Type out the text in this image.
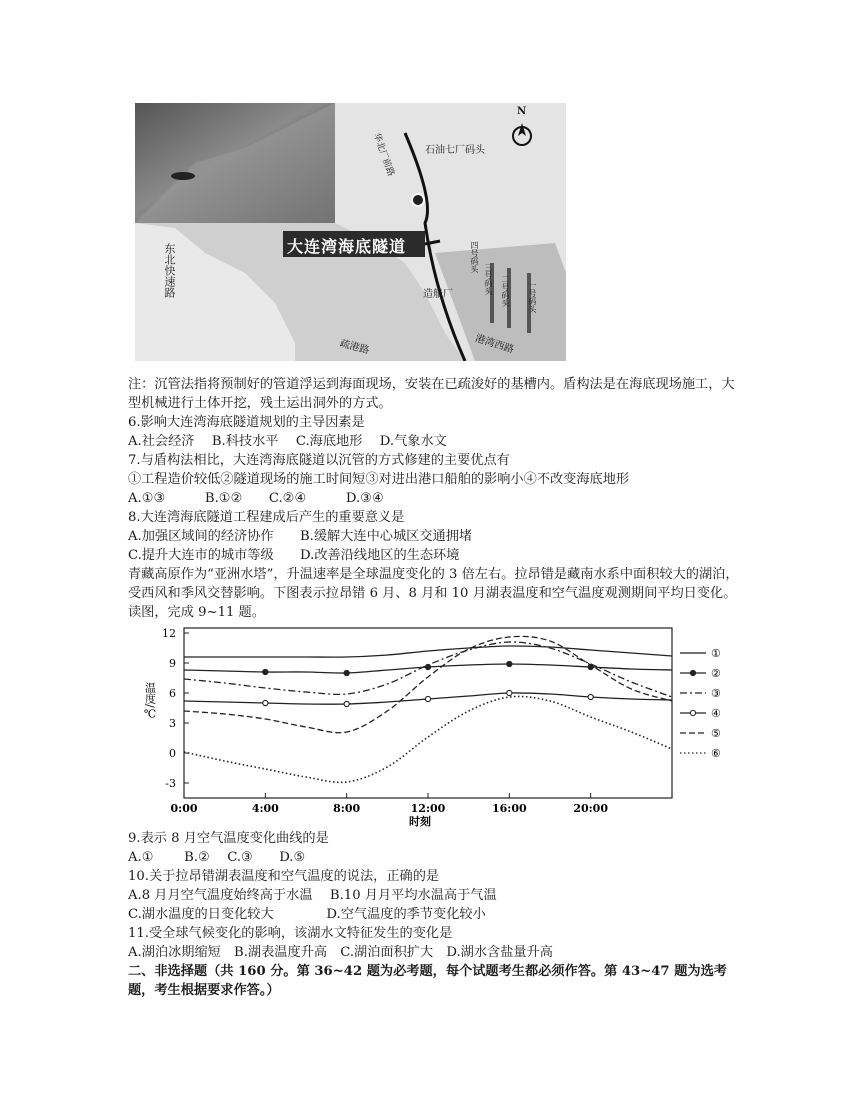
大连湾海底隧道
N
石油七厂码头
华北厂前路
东北快速路	造船厂
疏港路	港湾西路
四号码头
三号码头 二号码头 一号码头
注：沉管法指将预制好的管道浮运到海面现场，安装在已疏浚好的基槽内。盾构法是在海底现场施工，大型机械进行土体开挖，残土运出洞外的方式。
6.影响大连湾海底隧道规划的主导因素是
A.社会经济　 B.科技水平　 C.海底地形　 D.气象水文
7.与盾构法相比，大连湾海底隧道以沉管的方式修建的主要优点有
①工程造价较低②隧道现场的施工时间短③对进出港口船舶的影响小④不改变海底地形
A.①③　　　B.①②　　C.②④　　　D.③④
8.大连湾海底隧道工程建成后产生的重要意义是
A.加强区域间的经济协作　　B.缓解大连中心城区交通拥堵
C.提升大连市的城市等级　　D.改善沿线地区的生态环境
青藏高原作为“亚洲水塔”，升温速率是全球温度变化的 3 倍左右。拉昂错是藏南水系中面积较大的湖泊，受西风和季风交替影响。下图表示拉昂错 6 月、8 月和 10 月湖表温度和空气温度观测期间平均日变化。读图，完成 9~11 题。
12
9
6
3
0
-3
0:00	4:00	8:00	12:00	16:00	20:00
①
②
③
④
⑤
⑥
温度/℃
时刻
9.表示 8 月空气温度变化曲线的是
A.①　　 B.②　 C.③　　D.⑤
10.关于拉昂错湖表温度和空气温度的说法，正确的是
A.8 月月空气温度始终高于水温　 B.10 月月平均水温高于气温
C.湖水温度的日变化较大　　　　D.空气温度的季节变化较小
11.受全球气候变化的影响，该湖水文特征发生的变化是
A.湖泊冰期缩短　B.湖表温度升高　C.湖泊面积扩大　D.湖水含盐量升高
二、非选择题（共 160 分。第 36~42 题为必考题，每个试题考生都必须作答。第 43~47 题为选考题，考生根据要求作答。）
